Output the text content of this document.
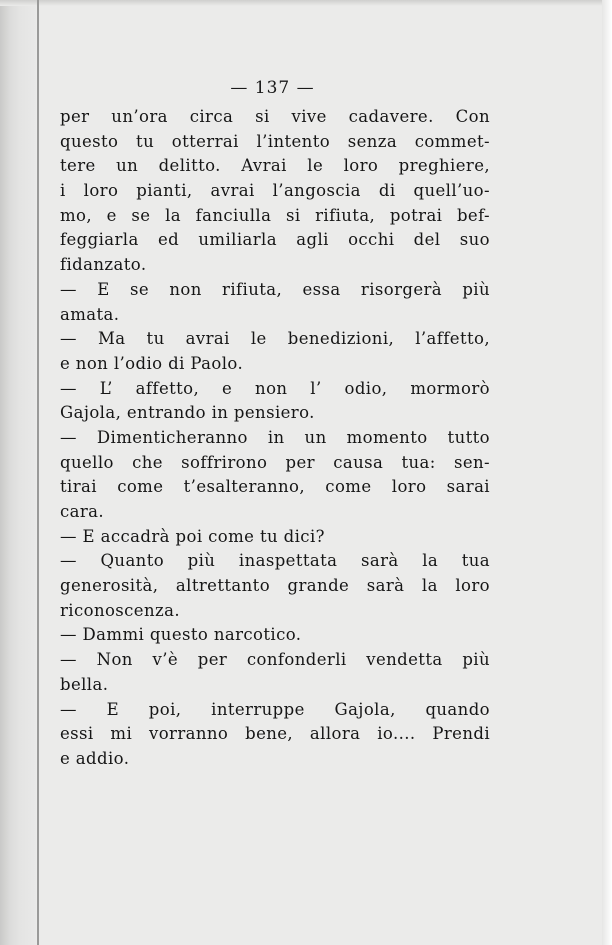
— 137 —
per un’ora circa si vive cadavere. Con
questo tu otterrai l’intento senza commet-
tere un delitto. Avrai le loro preghiere,
i loro pianti, avrai l’angoscia di quell’uo-
mo, e se la fanciulla si rifiuta, potrai bef-
feggiarla ed umiliarla agli occhi del suo
fidanzato.
— E se non rifiuta, essa risorgerà più
amata.
— Ma tu avrai le benedizioni, l’affetto,
e non l’odio di Paolo.
— L’ affetto, e non l’ odio, mormorò
Gajola, entrando in pensiero.
— Dimenticheranno in un momento tutto
quello che soffrirono per causa tua: sen-
tirai come t’esalteranno, come loro sarai
cara.
— E accadrà poi come tu dici?
— Quanto più inaspettata sarà la tua
generosità, altrettanto grande sarà la loro
riconoscenza.
— Dammi questo narcotico.
— Non v’è per confonderli vendetta più
bella.
— E poi, interruppe Gajola, quando
essi mi vorranno bene, allora io.... Prendi
e addio.
